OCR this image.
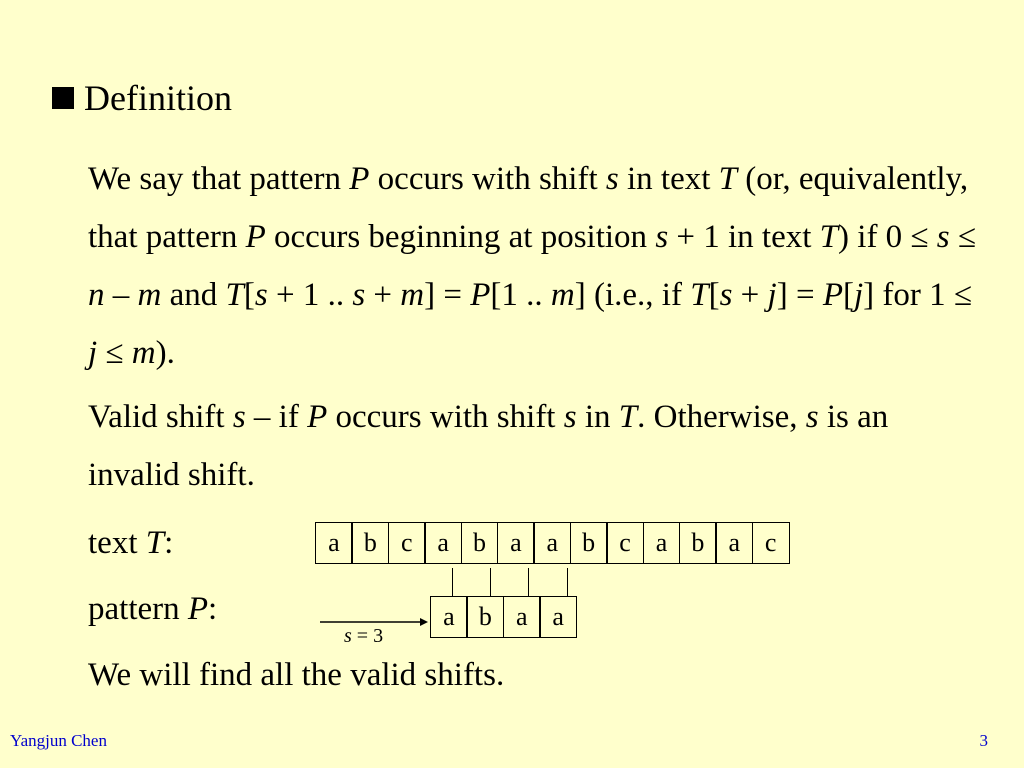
Definition
We say that pattern P occurs with shift s in text T (or, equivalently, that pattern P occurs beginning at position s + 1 in text T) if 0 ≤ s ≤ n – m and T[s + 1 .. s + m] = P[1 .. m] (i.e., if T[s + j] = P[j] for 1 ≤ j ≤ m).
Valid shift s – if P occurs with shift s in T. Otherwise, s is an invalid shift.
text T:
pattern P:
a b c a b a a b c a b a c
s = 3
a b a a
We will find all the valid shifts.
Yangjun Chen	3
